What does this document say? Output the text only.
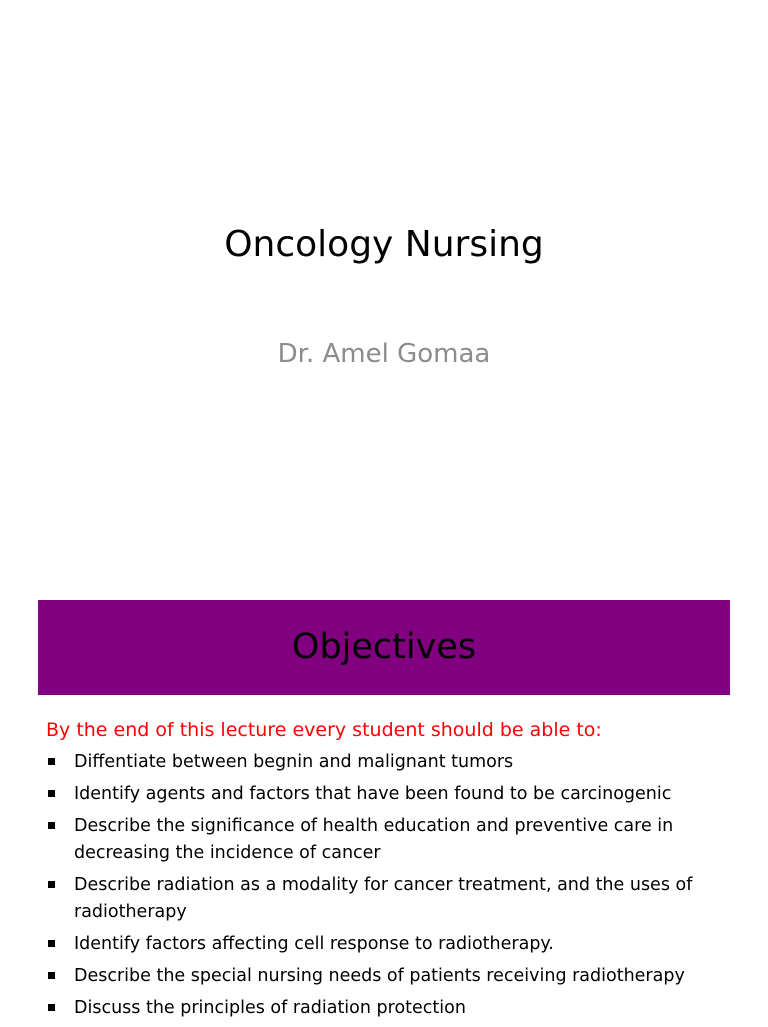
Oncology Nursing
Dr. Amel Gomaa
Objectives
By the end of this lecture every student should be able to:
Diffentiate between begnin and malignant tumors
Identify agents and factors that have been found to be carcinogenic
Describe the significance of health education and preventive care in decreasing the incidence of cancer
Describe radiation as a modality for cancer treatment, and the uses of radiotherapy
Identify factors affecting cell response to radiotherapy.
Describe the special nursing needs of patients receiving radiotherapy
Discuss the principles of radiation protection
